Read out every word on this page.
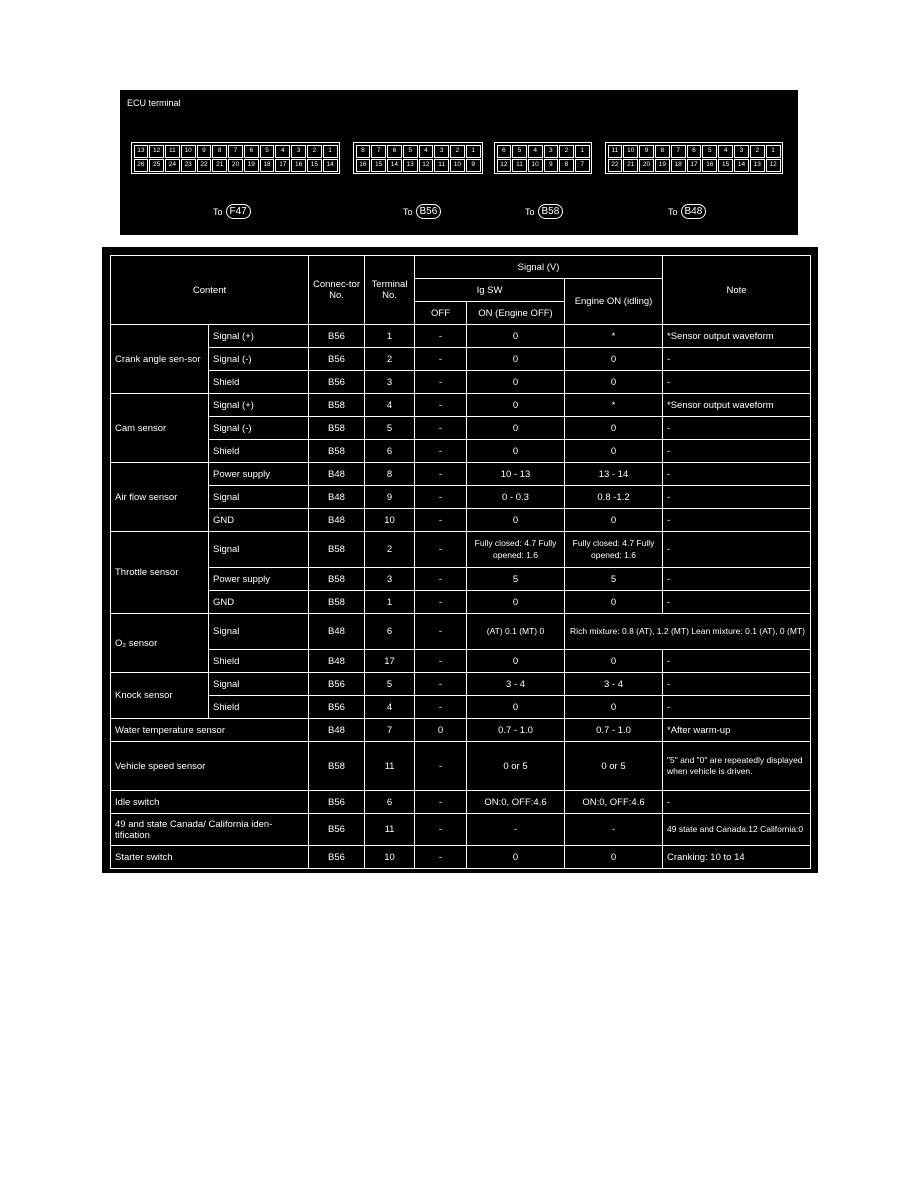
ECU terminal
13	12	11	10	9	8	7	6	5	4	3	2	1
26	25	24	23	22	21	20	19	18	17	16	15	14
8	7	6	5	4	3	2	1
16	15	14	13	12	11	10	9
6	5	4	3	2	1
12	11	10	9	8	7
11	10	9	8	7	6	5	4	3	2	1
22	21	20	19	18	17	16	15	14	13	12
To F47	To B56	To B58	To B48
Content		Connec-tor No.	Terminal No.	Signal (V)			Note
				Ig SW		Engine ON (idling)	
				OFF	ON (Engine OFF)		
Crank angle sen-sor	Signal (+)	B56	1	-	0	*	*Sensor output waveform
	Signal (-)	B56	2	-	0	0	-
	Shield	B56	3	-	0	0	-
Cam sensor	Signal (+)	B58	4	-	0	*	*Sensor output waveform
	Signal (-)	B58	5	-	0	0	-
	Shield	B58	6	-	0	0	-
Air flow sensor	Power supply	B48	8	-	10 - 13	13 - 14	-
	Signal	B48	9	-	0 - 0.3	0.8 -1.2	-
	GND	B48	10	-	0	0	-
Throttle sensor	Signal	B58	2	-	Fully closed: 4.7 Fully opened: 1.6	Fully closed: 4.7 Fully opened: 1.6	-
	Power supply	B58	3	-	5	5	-
	GND	B58	1	-	0	0	-
O₂ sensor	Signal	B48	6	-	(AT) 0.1 (MT) 0	Rich mixture: 0.8 (AT), 1.2 (MT) Lean mixture: 0.1 (AT), 0 (MT)	
	Shield	B48	17	-	0	0	-
Knock sensor	Signal	B56	5	-	3 - 4	3 - 4	-
	Shield	B56	4	-	0	0	-
Water temperature sensor		B48	7	0	0.7 - 1.0	0.7 - 1.0	*After warm-up
Vehicle speed sensor		B58	11	-	0 or 5	0 or 5	"5" and "0" are repeatedly displayed when vehicle is driven.
Idle switch		B56	6	-	ON:0, OFF:4.6	ON:0, OFF:4.6	-
49 and state Canada/ California iden-tification		B56	11	-	-	-	49 state and Canada:12 California:0
Starter switch		B56	10	-	0	0	Cranking: 10 to 14
